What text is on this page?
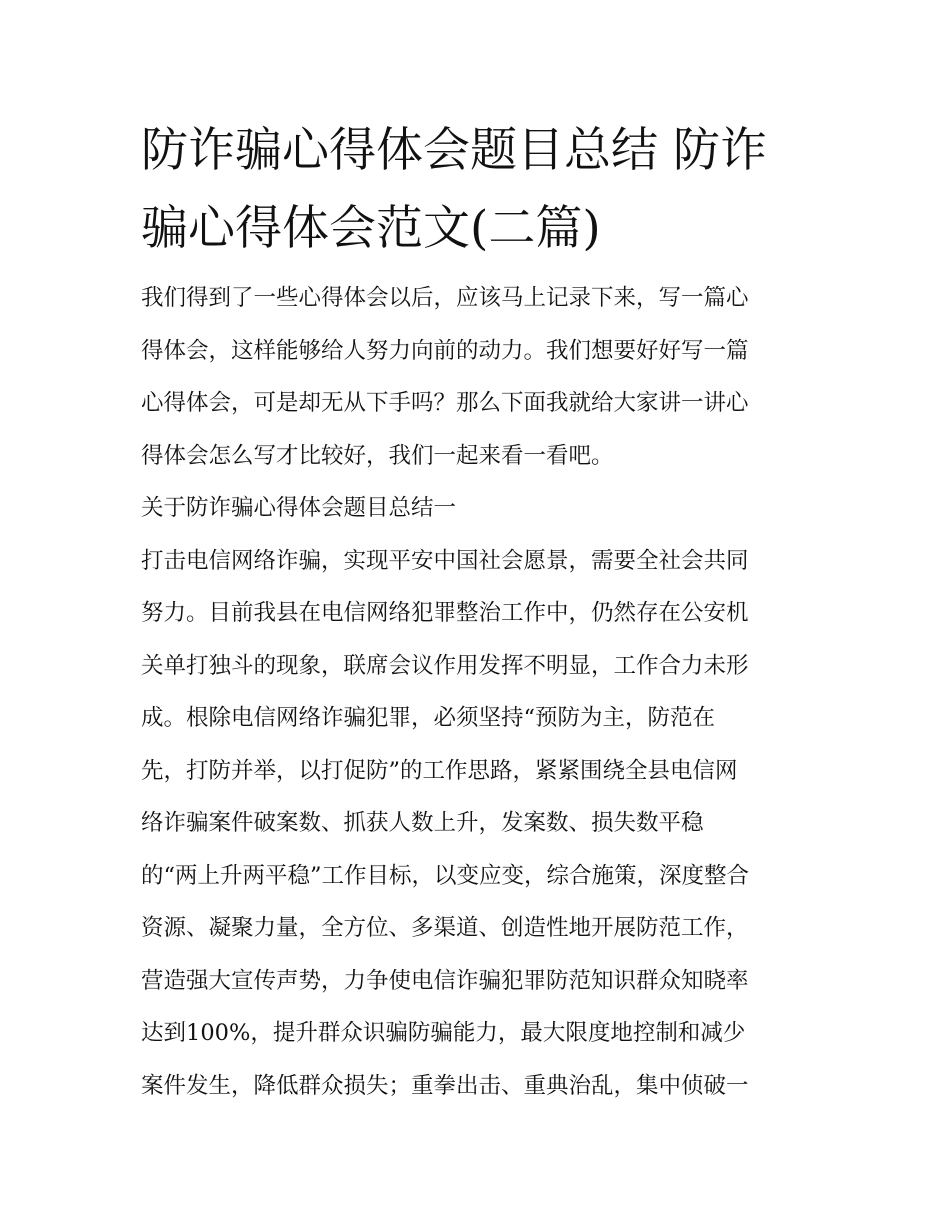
防诈骗心得体会题目总结 防诈
骗心得体会范文(二篇)
我们得到了一些心得体会以后，应该马上记录下来，写一篇心
得体会，这样能够给人努力向前的动力。我们想要好好写一篇
心得体会，可是却无从下手吗？那么下面我就给大家讲一讲心
得体会怎么写才比较好，我们一起来看一看吧。
关于防诈骗心得体会题目总结一
打击电信网络诈骗，实现平安中国社会愿景，需要全社会共同
努力。目前我县在电信网络犯罪整治工作中，仍然存在公安机
关单打独斗的现象，联席会议作用发挥不明显，工作合力未形
成。根除电信网络诈骗犯罪，必须坚持“预防为主，防范在
先，打防并举，以打促防”的工作思路，紧紧围绕全县电信网
络诈骗案件破案数、抓获人数上升，发案数、损失数平稳
的“两上升两平稳”工作目标，以变应变，综合施策，深度整合
资源、凝聚力量，全方位、多渠道、创造性地开展防范工作，
营造强大宣传声势，力争使电信诈骗犯罪防范知识群众知晓率
达到100%，提升群众识骗防骗能力，最大限度地控制和减少
案件发生，降低群众损失；重拳出击、重典治乱，集中侦破一
